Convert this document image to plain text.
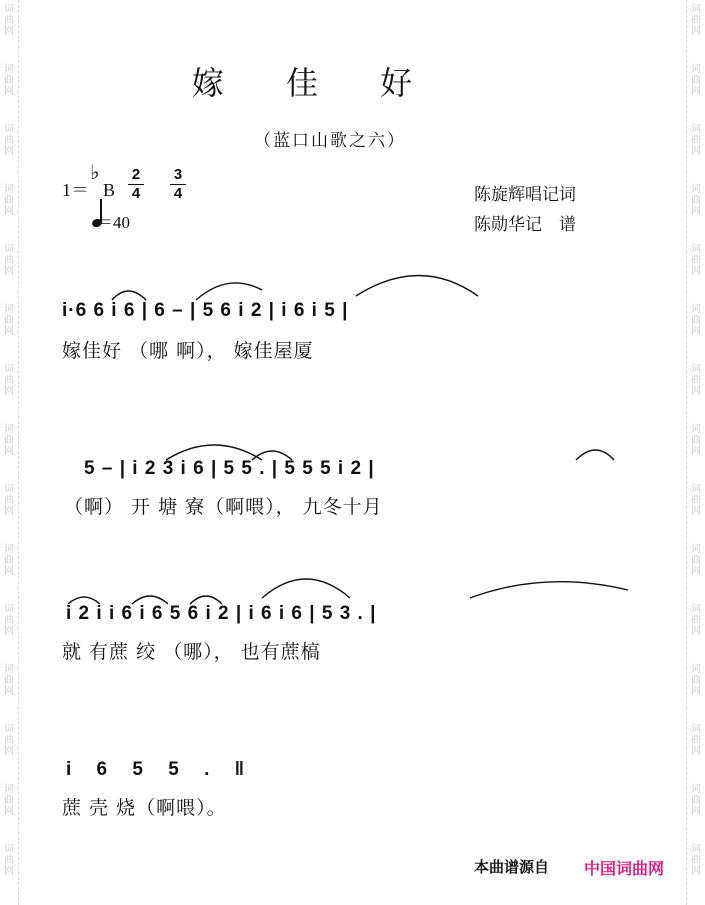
词
曲
网
词
曲
网
词
曲
网
词
曲
网
词
曲
网
词
曲
网
词
曲
网
词
曲
网
词
曲
网
词
曲
网
词
曲
网
词
曲
网
词
曲
网
词
曲
网
词
曲
网
词
曲
网
词
曲
网
词
曲
网
词
曲
网
词
曲
网
词
曲
网
词
曲
网
词
曲
网
词
曲
网
词
曲
网
词
曲
网
词
曲
网
词
曲
网
词
曲
网
词
曲
网
嫁 佳 好
（蓝口山歌之六）
1＝ B
♭ 2
4
3
4
＝40
陈旋辉唱记词
陈勋华记　谱
i·6 6 i 6 | 6 – | 5 6 i 2 | i 6 i 5 |
嫁佳好 （哪 啊）， 嫁佳屋厦
5 – | i 2 3 i 6 | 5 5 . | 5 5 5 i 2 |
（啊） 开 塘 寮（啊喂）， 九冬十月
i 2 i i 6 i 6 5 6 i 2 | i 6 i 6 | 5 3 . |
就 有蔗 绞 （哪）， 也有蔗槁
i 6 5 5 . ‖
蔗 壳 烧（啊喂）。
本曲谱源自 中国词曲网
